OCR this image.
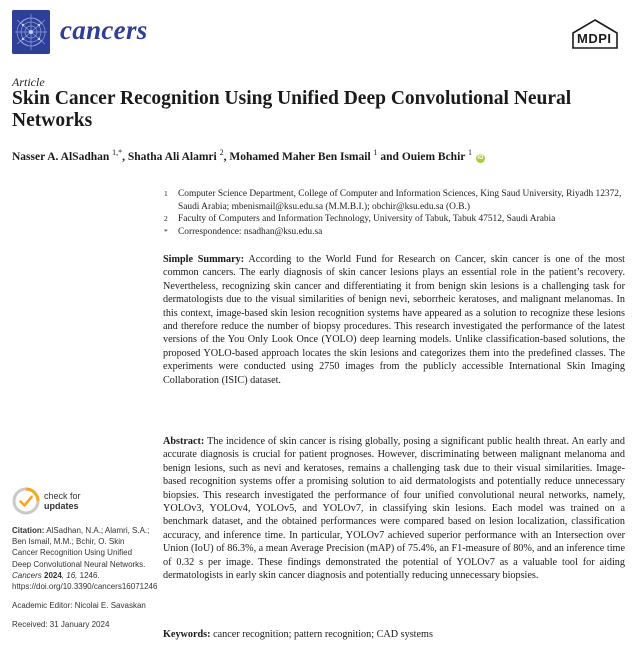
cancers	MDPI
Article
Skin Cancer Recognition Using Unified Deep Convolutional Neural Networks
Nasser A. AlSadhan $^{1,*}$, Shatha Ali Alamri $^2$, Mohamed Maher Ben Ismail $^1$ and Ouiem Bchir $^1$ iD
1	Computer Science Department, College of Computer and Information Sciences, King Saud University, Riyadh 12372, Saudi Arabia; mbenismail@ksu.edu.sa (M.M.B.I.); obchir@ksu.edu.sa (O.B.)
2	Faculty of Computers and Information Technology, University of Tabuk, Tabuk 47512, Saudi Arabia
*	Correspondence: nsadhan@ksu.edu.sa
Simple Summary: According to the World Fund for Research on Cancer, skin cancer is one of the most common cancers. The early diagnosis of skin cancer lesions plays an essential role in the patient’s recovery. Nevertheless, recognizing skin cancer and differentiating it from benign skin lesions is a challenging task for dermatologists due to the visual similarities of benign nevi, seborrheic keratoses, and malignant melanomas. In this context, image-based skin lesion recognition systems have appeared as a solution to recognize these lesions and therefore reduce the number of biopsy procedures. This research investigated the performance of the latest versions of the You Only Look Once (YOLO) deep learning models. Unlike classification-based solutions, the proposed YOLO-based approach locates the skin lesions and categorizes them into the predefined classes. The experiments were conducted using 2750 images from the publicly accessible International Skin Imaging Collaboration (ISIC) dataset.
Abstract: The incidence of skin cancer is rising globally, posing a significant public health threat. An early and accurate diagnosis is crucial for patient prognoses. However, discriminating between malignant melanoma and benign lesions, such as nevi and keratoses, remains a challenging task due to their visual similarities. Image-based recognition systems offer a promising solution to aid dermatologists and potentially reduce unnecessary biopsies. This research investigated the performance of four unified convolutional neural networks, namely, YOLOv3, YOLOv4, YOLOv5, and YOLOv7, in classifying skin lesions. Each model was trained on a benchmark dataset, and the obtained performances were compared based on lesion localization, classification accuracy, and inference time. In particular, YOLOv7 achieved superior performance with an Intersection over Union (IoU) of 86.3%, a mean Average Precision (mAP) of 75.4%, an F1-measure of 80%, and an inference time of 0.32 s per image. These findings demonstrated the potential of YOLOv7 as a valuable tool for aiding dermatologists in early skin cancer diagnosis and potentially reducing unnecessary biopsies.
Keywords: cancer recognition; pattern recognition; CAD systems
check for
updates
Citation: AlSadhan, N.A.; Alamri, S.A.; Ben Ismail, M.M.; Bchir, O. Skin Cancer Recognition Using Unified Deep Convolutional Neural Networks. Cancers 2024, 16, 1246. https://doi.org/10.3390/cancers16071246
Academic Editor: Nicolai E. Savaskan
Received: 31 January 2024
